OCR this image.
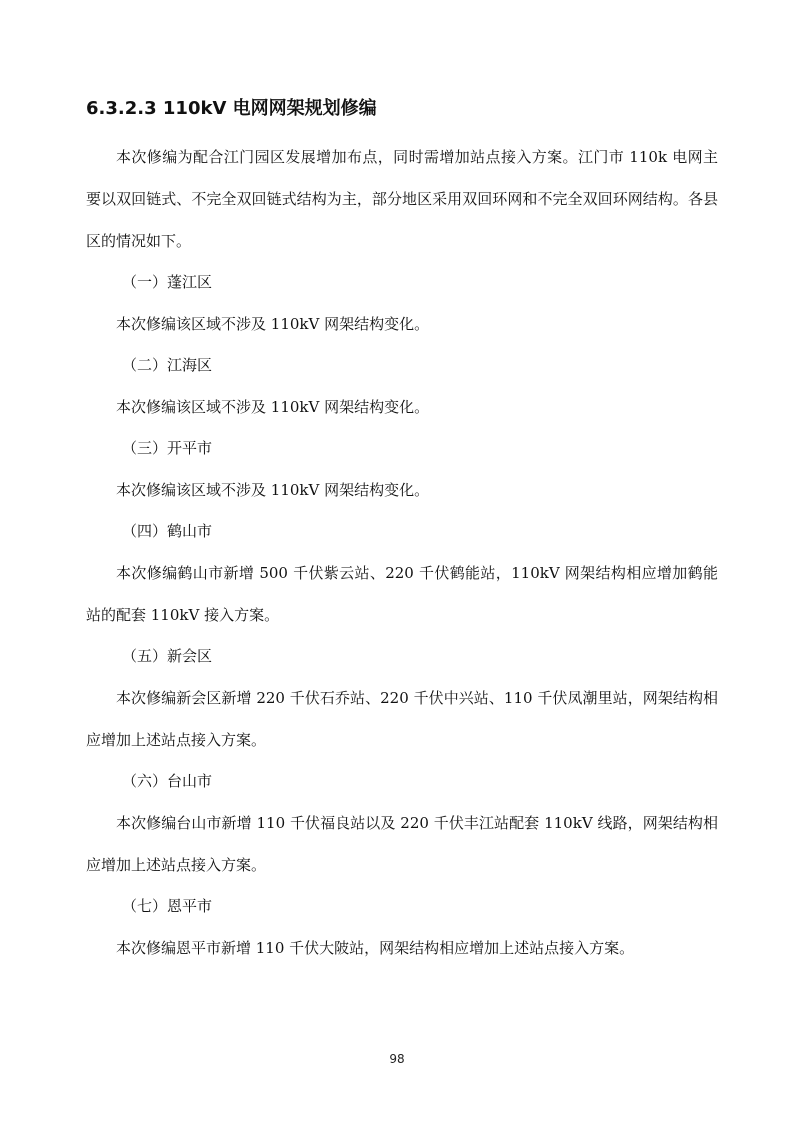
6.3.2.3 110kV 电网网架规划修编

本次修编为配合江门园区发展增加布点，同时需增加站点接入方案。江门市 110k 电网主要以双回链式、不完全双回链式结构为主，部分地区采用双回环网和不完全双回环网结构。各县区的情况如下。

（一）蓬江区

本次修编该区域不涉及 110kV 网架结构变化。

（二）江海区

本次修编该区域不涉及 110kV 网架结构变化。

（三）开平市

本次修编该区域不涉及 110kV 网架结构变化。

（四）鹤山市

本次修编鹤山市新增 500 千伏紫云站、220 千伏鹤能站，110kV 网架结构相应增加鹤能站的配套 110kV 接入方案。

（五）新会区

本次修编新会区新增 220 千伏石乔站、220 千伏中兴站、110 千伏凤潮里站，网架结构相应增加上述站点接入方案。

（六）台山市

本次修编台山市新增 110 千伏福良站以及 220 千伏丰江站配套 110kV 线路，网架结构相应增加上述站点接入方案。

（七）恩平市

本次修编恩平市新增 110 千伏大陂站，网架结构相应增加上述站点接入方案。

98
